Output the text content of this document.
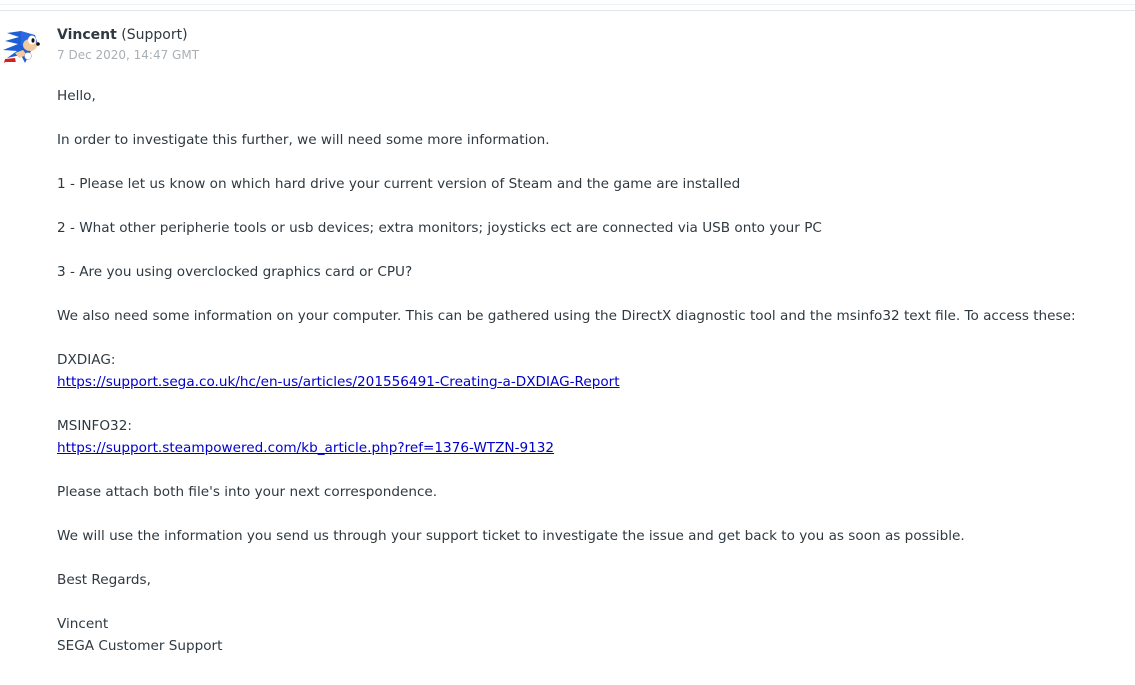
Vincent (Support)
7 Dec 2020, 14:47 GMT

Hello,

In order to investigate this further, we will need some more information.

1 - Please let us know on which hard drive your current version of Steam and the game are installed

2 - What other peripherie tools or usb devices; extra monitors; joysticks ect are connected via USB onto your PC

3 - Are you using overclocked graphics card or CPU?

We also need some information on your computer. This can be gathered using the DirectX diagnostic tool and the msinfo32 text file. To access these:

DXDIAG:

https://support.sega.co.uk/hc/en-us/articles/201556491-Creating-a-DXDIAG-Report

MSINFO32:

https://support.steampowered.com/kb_article.php?ref=1376-WTZN-9132

Please attach both file's into your next correspondence.

We will use the information you send us through your support ticket to investigate the issue and get back to you as soon as possible.

Best Regards,

Vincent

SEGA Customer Support
